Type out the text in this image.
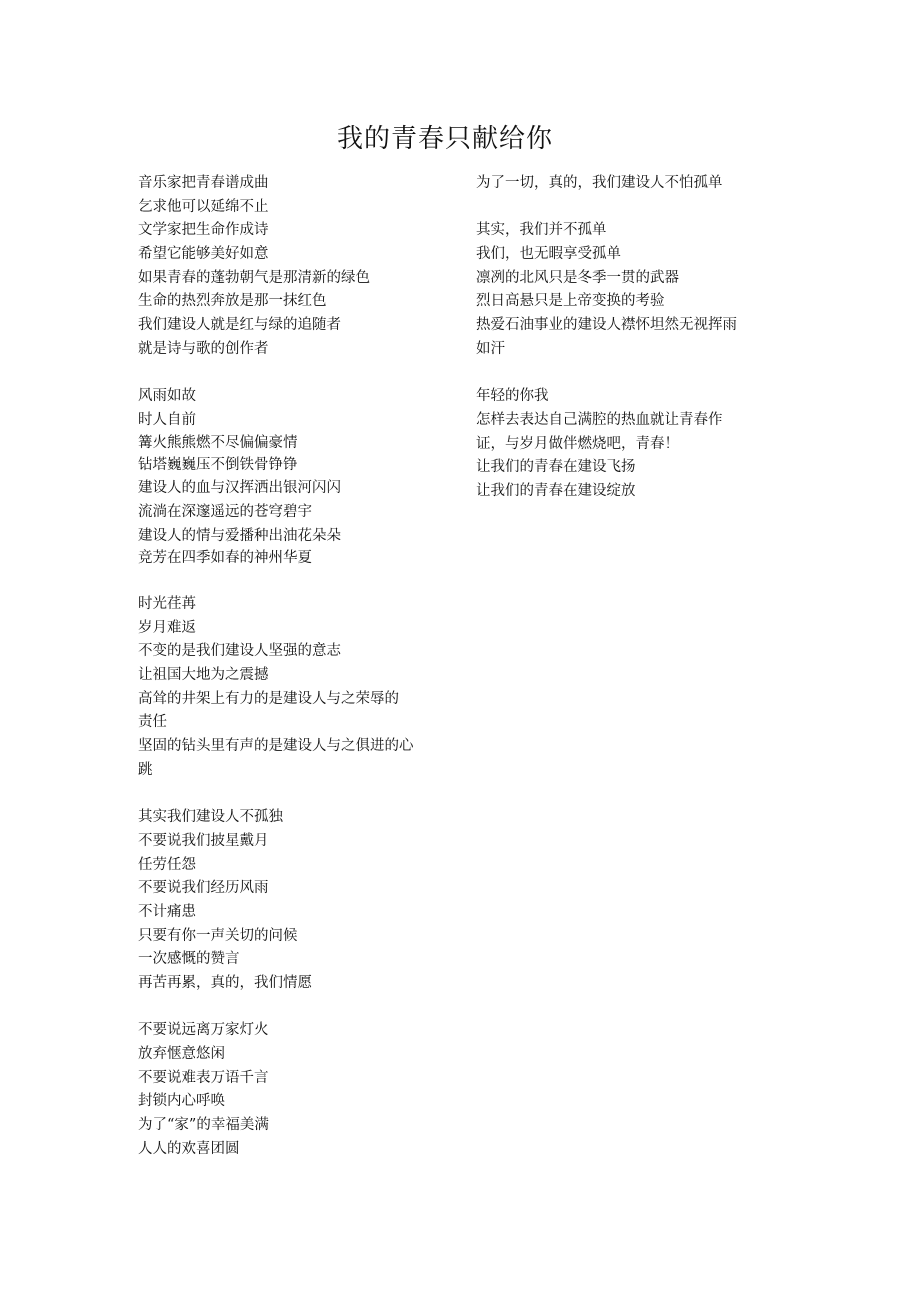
我的青春只献给你
音乐家把青春谱成曲
乞求他可以延绵不止
文学家把生命作成诗
希望它能够美好如意
如果青春的蓬勃朝气是那清新的绿色
生命的热烈奔放是那一抹红色
我们建设人就是红与绿的追随者
就是诗与歌的创作者
风雨如故
时人自前
篝火熊熊燃不尽偏偏豪情
钻塔巍巍压不倒铁骨铮铮
建设人的血与汉挥洒出银河闪闪
流淌在深邃遥远的苍穹碧宇
建设人的情与爱播种出油花朵朵
竞芳在四季如春的神州华夏
时光荏苒
岁月难返
不变的是我们建设人坚强的意志
让祖国大地为之震撼
高耸的井架上有力的是建设人与之荣辱的
责任
坚固的钻头里有声的是建设人与之俱进的心
跳
其实我们建设人不孤独
不要说我们披星戴月
任劳任怨
不要说我们经历风雨
不计痛患
只要有你一声关切的问候
一次感慨的赞言
再苦再累，真的，我们情愿
不要说远离万家灯火
放弃惬意悠闲
不要说难表万语千言
封锁内心呼唤
为了“家”的幸福美满
人人的欢喜团圆
为了一切，真的，我们建设人不怕孤单
其实，我们并不孤单
我们，也无暇享受孤单
凛冽的北风只是冬季一贯的武器
烈日高悬只是上帝变换的考验
热爱石油事业的建设人襟怀坦然无视挥雨
如汗
年轻的你我
怎样去表达自己满腔的热血就让青春作
证，与岁月做伴燃烧吧，青春！
让我们的青春在建设飞扬
让我们的青春在建设绽放
